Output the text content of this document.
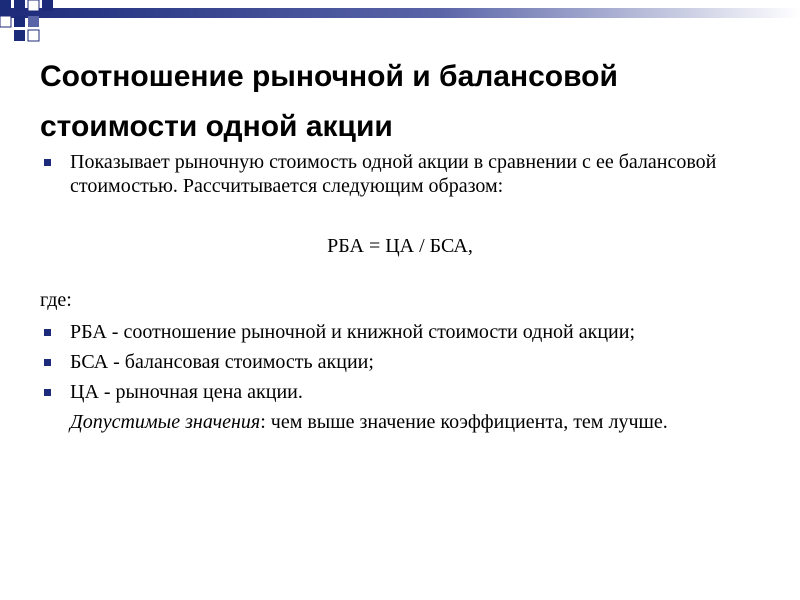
Соотношение рыночной и балансовой стоимости одной акции
Показывает рыночную стоимость одной акции в сравнении с ее балансовой стоимостью. Рассчитывается следующим образом:
РБА = ЦА / БСА,
где:
РБА - соотношение рыночной и книжной стоимости одной акции;
БСА - балансовая стоимость акции;
ЦА - рыночная цена акции.
Допустимые значения: чем выше значение коэффициента, тем лучше.
